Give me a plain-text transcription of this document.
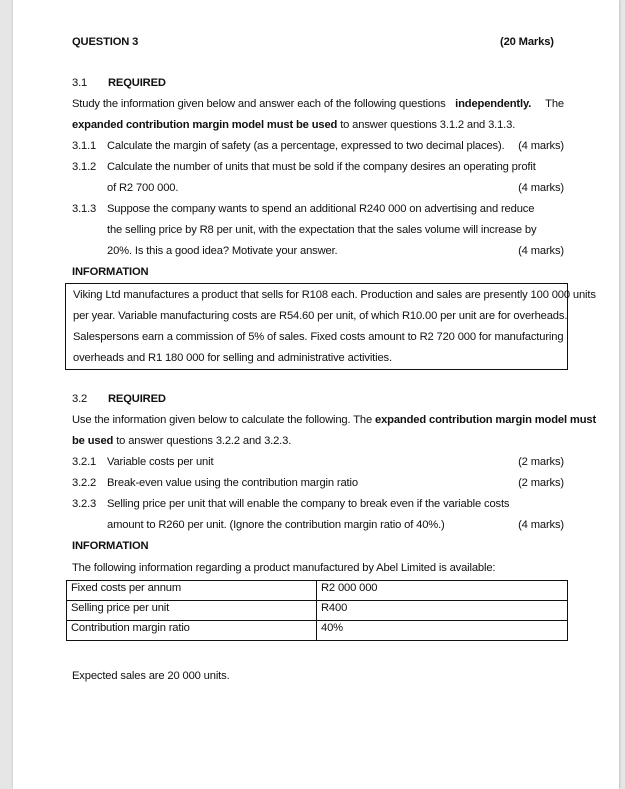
QUESTION 3	(20 Marks)
3.1 REQUIRED
Study the information given below and answer each of the following questions independently. The
expanded contribution margin model must be used to answer questions 3.1.2 and 3.1.3.
3.1.1 Calculate the margin of safety (as a percentage, expressed to two decimal places).	(4 marks)
3.1.2 Calculate the number of units that must be sold if the company desires an operating profit
of R2 700 000.	(4 marks)
3.1.3 Suppose the company wants to spend an additional R240 000 on advertising and reduce
the selling price by R8 per unit, with the expectation that the sales volume will increase by
20%. Is this a good idea? Motivate your answer.	(4 marks)
INFORMATION
Viking Ltd manufactures a product that sells for R108 each. Production and sales are presently 100 000 units
per year. Variable manufacturing costs are R54.60 per unit, of which R10.00 per unit are for overheads.
Salespersons earn a commission of 5% of sales. Fixed costs amount to R2 720 000 for manufacturing
overheads and R1 180 000 for selling and administrative activities.
3.2 REQUIRED
Use the information given below to calculate the following. The expanded contribution margin model must
be used to answer questions 3.2.2 and 3.2.3.
3.2.1 Variable costs per unit	(2 marks)
3.2.2 Break-even value using the contribution margin ratio	(2 marks)
3.2.3 Selling price per unit that will enable the company to break even if the variable costs
amount to R260 per unit. (Ignore the contribution margin ratio of 40%.)	(4 marks)
INFORMATION
The following information regarding a product manufactured by Abel Limited is available:
Fixed costs per annum	R2 000 000
Selling price per unit	R400
Contribution margin ratio	40%
Expected sales are 20 000 units.
